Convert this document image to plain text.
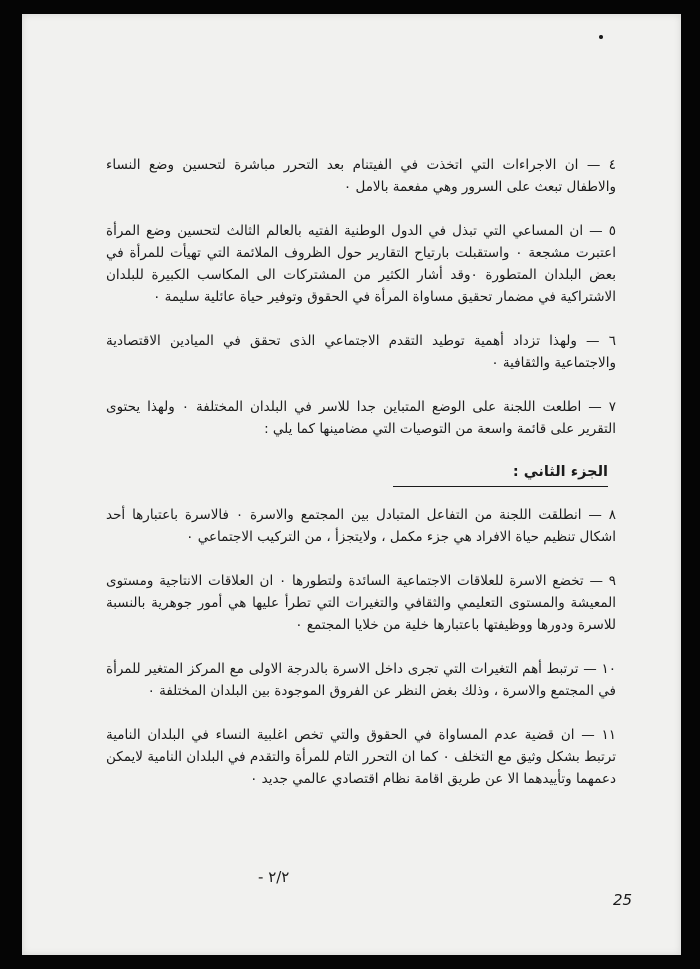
٤ — ان الاجراءات التي اتخذت في الفيتنام بعد التحرر مباشرة لتحسين وضع النساء والاطفال تبعث على السرور وهي مفعمة بالامل ٠

٥ — ان المساعي التي تبذل في الدول الوطنية الفتيه بالعالم الثالث لتحسين وضع المرأة اعتبرت مشجعة ٠ واستقبلت بارتياح التقارير حول الظروف الملائمة التي تهيأت للمرأة في بعض البلدان المتطورة ٠وقد أشار الكثير من المشتركات الى المكاسب الكبيرة للبلدان الاشتراكية في مضمار تحقيق مساواة المرأة في الحقوق وتوفير حياة عائلية سليمة ٠

٦ — ولهذا تزداد أهمية توطيد التقدم الاجتماعي الذى تحقق في الميادين الاقتصادية والاجتماعية والثقافية ٠

٧ — اطلعت اللجنة على الوضع المتباين جدا للاسر في البلدان المختلفة ٠ ولهذا يحتوى التقرير على قائمة واسعة من التوصيات التي مضامينها كما يلي :

الجزء الثاني :

٨ — انطلقت اللجنة من التفاعل المتبادل بين المجتمع والاسرة ٠ فالاسرة باعتبارها أحد اشكال تنظيم حياة الافراد هي جزء مكمل ، ولايتجزأ ، من التركيب الاجتماعي ٠

٩ — تخضع الاسرة للعلاقات الاجتماعية السائدة ولتطورها ٠ ان العلاقات الانتاجية ومستوى المعيشة والمستوى التعليمي والثقافي والتغيرات التي تطرأ عليها هي أمور جوهرية بالنسبة للاسرة ودورها ووظيفتها باعتبارها خلية من خلايا المجتمع ٠

١٠ — ترتبط أهم التغيرات التي تجرى داخل الاسرة بالدرجة الاولى مع المركز المتغير للمرأة في المجتمع والاسرة ، وذلك بغض النظر عن الفروق الموجودة بين البلدان المختلفة ٠

١١ — ان قضية عدم المساواة في الحقوق والتي تخص اغلبية النساء في البلدان النامية ترتبط بشكل وثيق مع التخلف ٠ كما ان التحرر التام للمرأة والتقدم في البلدان النامية لايمكن دعمهما وتأييدهما الا عن طريق اقامة نظام اقتصادي عالمي جديد ٠

- ٢/٢
25
